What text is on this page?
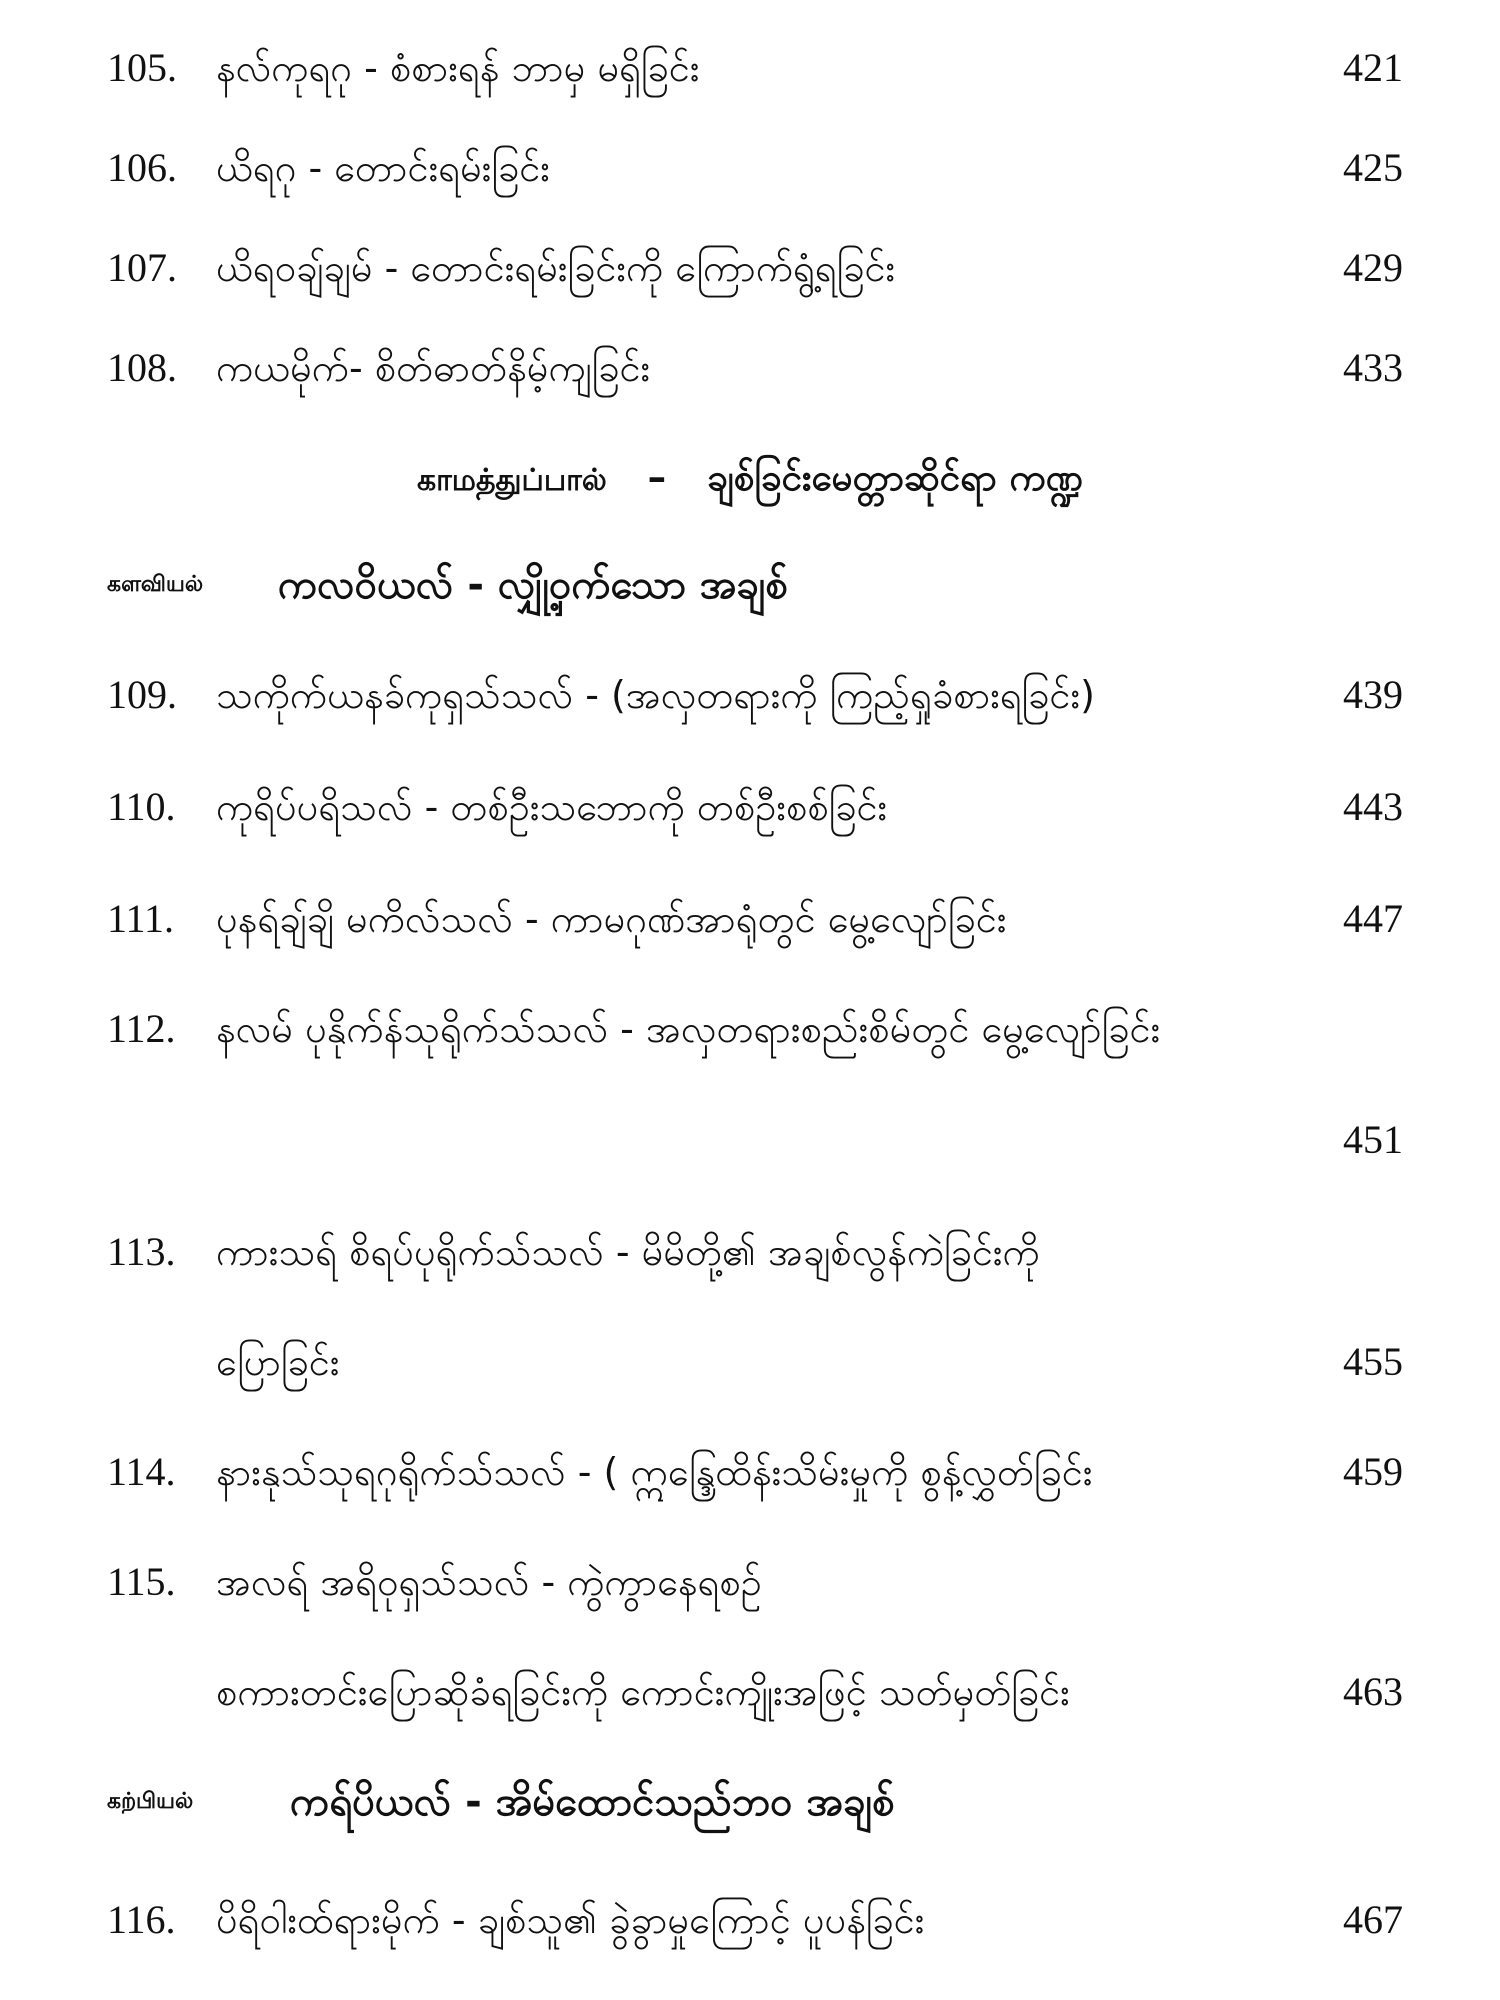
105. နလ်ကုရဂု - စံစားရန် ဘာမှ မရှိခြင်း	421
106. ယိရဂု - တောင်းရမ်းခြင်း	425
107. ယိရဝချ်ချမ် - တောင်းရမ်းခြင်းကို ကြောက်ရွံ့ရခြင်း	429
108. ကယမိုက်- စိတ်ဓာတ်နိမ့်ကျခြင်း	433
காமத்துப்பால் – ချစ်ခြင်းမေတ္တာဆိုင်ရာ ကဏ္ဍ
களவியல் ကလဝိယလ် - လျှို့ဝှက်သော အချစ်
109. သကိုက်ယနခ်ကုရှသ်သလ် - (အလှတရားကို ကြည့်ရှုခံစားရခြင်း)	439
110. ကုရိပ်ပရိသလ် - တစ်ဦးသဘောကို တစ်ဦးစစ်ခြင်း	443
111. ပုနရ်ချ်ချိ မကိလ်သလ် - ကာမဂုဏ်အာရုံတွင် မွေ့လျော်ခြင်း	447
112. နလမ် ပုနိုက်န်သုရိုက်သ်သလ် - အလှတရားစည်းစိမ်တွင် မွေ့လျော်ခြင်း
451
113. ကားသရ် စိရပ်ပုရိုက်သ်သလ် - မိမိတို့၏ အချစ်လွန်ကဲခြင်းကို
ပြောခြင်း	455
114. နားနုသ်သုရဂုရိုက်သ်သလ် - ( ဣန္ဒြေထိန်းသိမ်းမှုကို စွန့်လွှတ်ခြင်း	459
115. အလရ် အရိဝုရှသ်သလ် - ကွဲကွာနေရစဉ်
စကားတင်းပြောဆိုခံရခြင်းကို ကောင်းကျိုးအဖြင့် သတ်မှတ်ခြင်း	463
கற்பியல் ကရ်ပိယလ် - အိမ်ထောင်သည်ဘဝ အချစ်
116. ပိရိဝါးထ်ရားမိုက် - ချစ်သူ၏ ခွဲခွာမှုကြောင့် ပူပန်ခြင်း	467
